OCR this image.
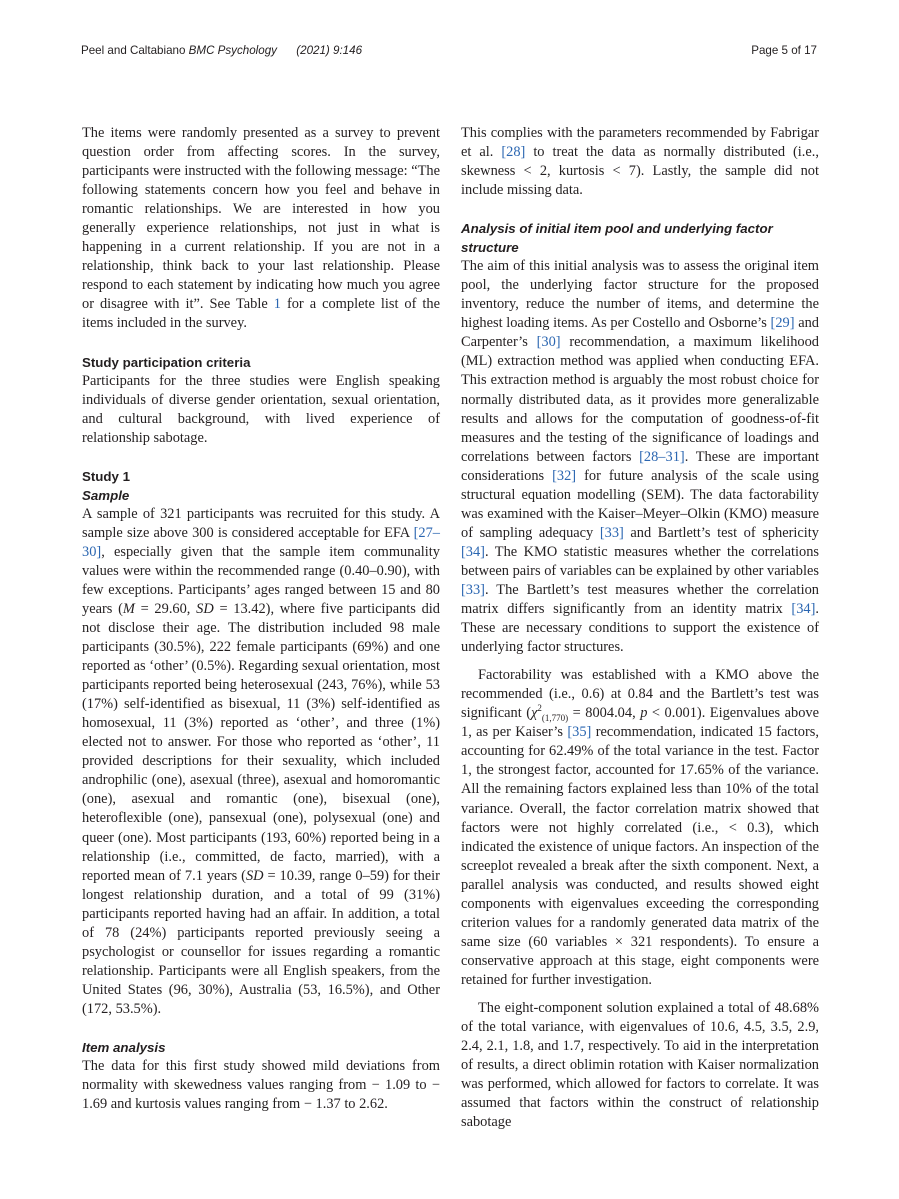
Peel and Caltabiano BMC Psychology (2021) 9:146	Page 5 of 17

The items were randomly presented as a survey to prevent question order from affecting scores. In the survey, participants were instructed with the following message: “The following statements concern how you feel and behave in romantic relationships. We are interested in how you generally experience relationships, not just in what is happening in a current relationship. If you are not in a relationship, think back to your last relationship. Please respond to each statement by indicating how much you agree or disagree with it”. See Table 1 for a complete list of the items included in the survey.

Study participation criteria

Participants for the three studies were English speaking individuals of diverse gender orientation, sexual orientation, and cultural background, with lived experience of relationship sabotage.

Study 1
Sample

A sample of 321 participants was recruited for this study. A sample size above 300 is considered acceptable for EFA [27–30], especially given that the sample item communality values were within the recommended range (0.40–0.90), with few exceptions. Participants’ ages ranged between 15 and 80 years (M = 29.60, SD = 13.42), where five participants did not disclose their age. The distribution included 98 male participants (30.5%), 222 female participants (69%) and one reported as ‘other’ (0.5%). Regarding sexual orientation, most participants reported being heterosexual (243, 76%), while 53 (17%) self-identified as bisexual, 11 (3%) self-identified as homosexual, 11 (3%) reported as ‘other’, and three (1%) elected not to answer. For those who reported as ‘other’, 11 provided descriptions for their sexuality, which included androphilic (one), asexual (three), asexual and homoromantic (one), asexual and romantic (one), bisexual (one), heteroflexible (one), pansexual (one), polysexual (one) and queer (one). Most participants (193, 60%) reported being in a relationship (i.e., committed, de facto, married), with a reported mean of 7.1 years (SD = 10.39, range 0–59) for their longest relationship duration, and a total of 99 (31%) participants reported having had an affair. In addition, a total of 78 (24%) participants reported previously seeing a psychologist or counsellor for issues regarding a romantic relationship. Participants were all English speakers, from the United States (96, 30%), Australia (53, 16.5%), and Other (172, 53.5%).

Item analysis

The data for this first study showed mild deviations from normality with skewedness values ranging from − 1.09 to − 1.69 and kurtosis values ranging from − 1.37 to 2.62.

This complies with the parameters recommended by Fabrigar et al. [28] to treat the data as normally distributed (i.e., skewness < 2, kurtosis < 7). Lastly, the sample did not include missing data.

Analysis of initial item pool and underlying factor structure

The aim of this initial analysis was to assess the original item pool, the underlying factor structure for the proposed inventory, reduce the number of items, and determine the highest loading items. As per Costello and Osborne’s [29] and Carpenter’s [30] recommendation, a maximum likelihood (ML) extraction method was applied when conducting EFA. This extraction method is arguably the most robust choice for normally distributed data, as it provides more generalizable results and allows for the computation of goodness-of-fit measures and the testing of the significance of loadings and correlations between factors [28–31]. These are important considerations [32] for future analysis of the scale using structural equation modelling (SEM). The data factorability was examined with the Kaiser–Meyer–Olkin (KMO) measure of sampling adequacy [33] and Bartlett’s test of sphericity [34]. The KMO statistic measures whether the correlations between pairs of variables can be explained by other variables [33]. The Bartlett’s test measures whether the correlation matrix differs significantly from an identity matrix [34]. These are necessary conditions to support the existence of underlying factor structures.

Factorability was established with a KMO above the recommended (i.e., 0.6) at 0.84 and the Bartlett’s test was significant ($\chi^2_{(1,770)} = 8004.04$, p < 0.001). Eigenvalues above 1, as per Kaiser’s [35] recommendation, indicated 15 factors, accounting for 62.49% of the total variance in the test. Factor 1, the strongest factor, accounted for 17.65% of the variance. All the remaining factors explained less than 10% of the total variance. Overall, the factor correlation matrix showed that factors were not highly correlated (i.e., < 0.3), which indicated the existence of unique factors. An inspection of the screeplot revealed a break after the sixth component. Next, a parallel analysis was conducted, and results showed eight components with eigenvalues exceeding the corresponding criterion values for a randomly generated data matrix of the same size (60 variables × 321 respondents). To ensure a conservative approach at this stage, eight components were retained for further investigation.

The eight-component solution explained a total of 48.68% of the total variance, with eigenvalues of 10.6, 4.5, 3.5, 2.9, 2.4, 2.1, 1.8, and 1.7, respectively. To aid in the interpretation of results, a direct oblimin rotation with Kaiser normalization was performed, which allowed for factors to correlate. It was assumed that factors within the construct of relationship sabotage
